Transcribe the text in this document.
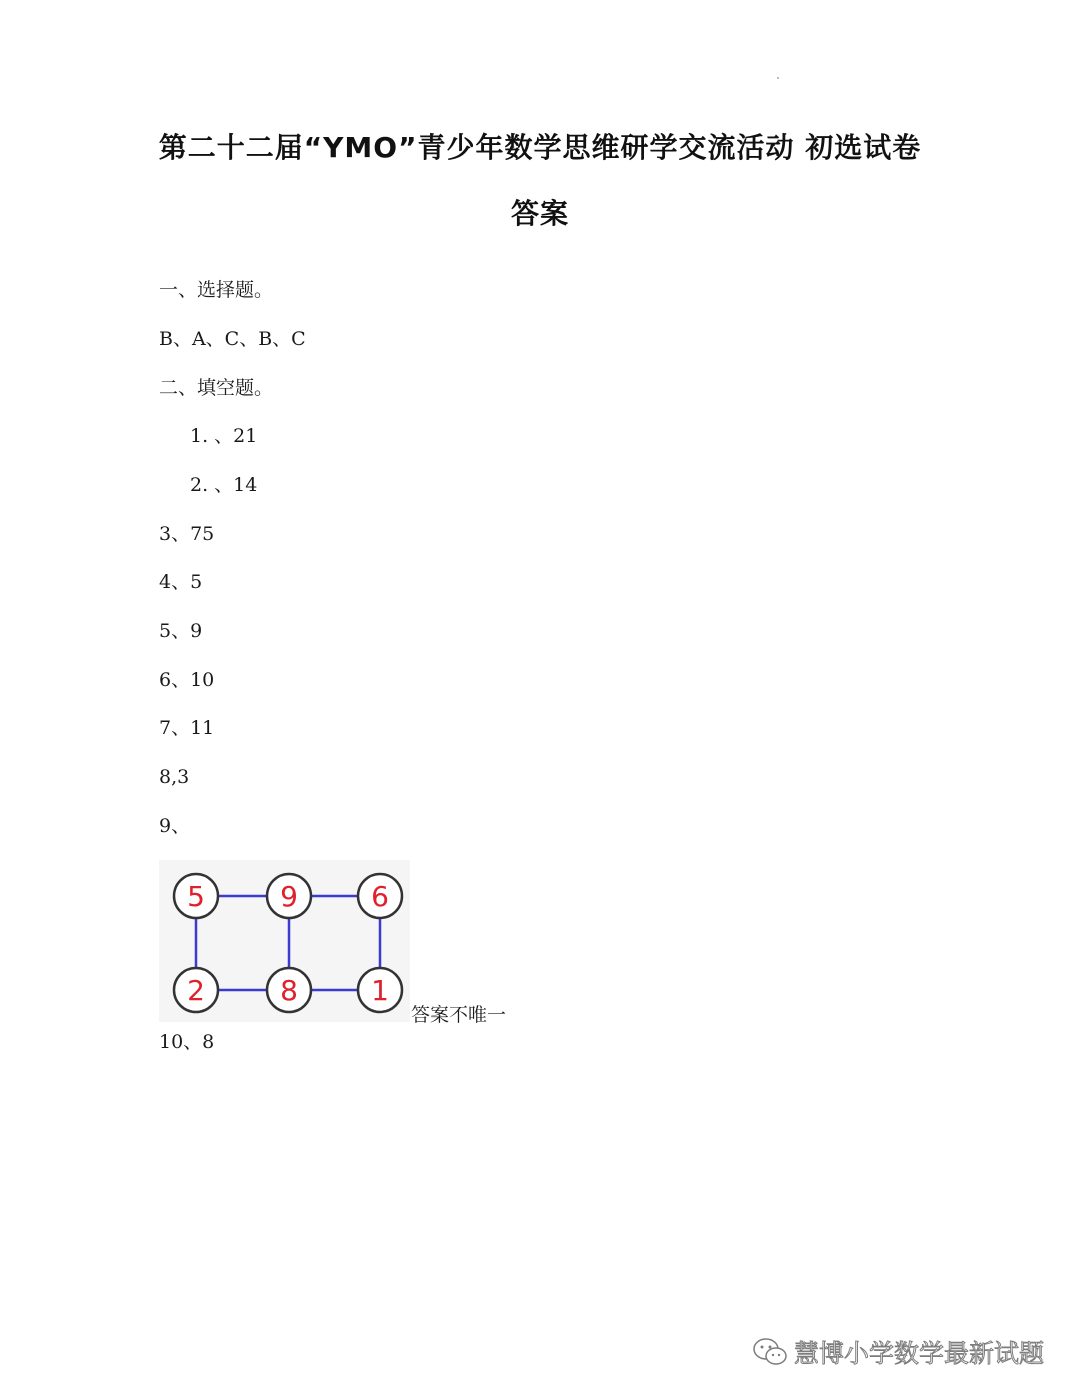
第二十二届“YMO”青少年数学思维研学交流活动 初选试卷
答案
一、选择题。
B、A、C、B、C
二、填空题。
1. 、21
2. 、14
3、75
4、5
5、9
6、10
7、11
8,3
9、
5	9	6
2	8	1
答案不唯一
10、8
慧博小学数学最新试题
